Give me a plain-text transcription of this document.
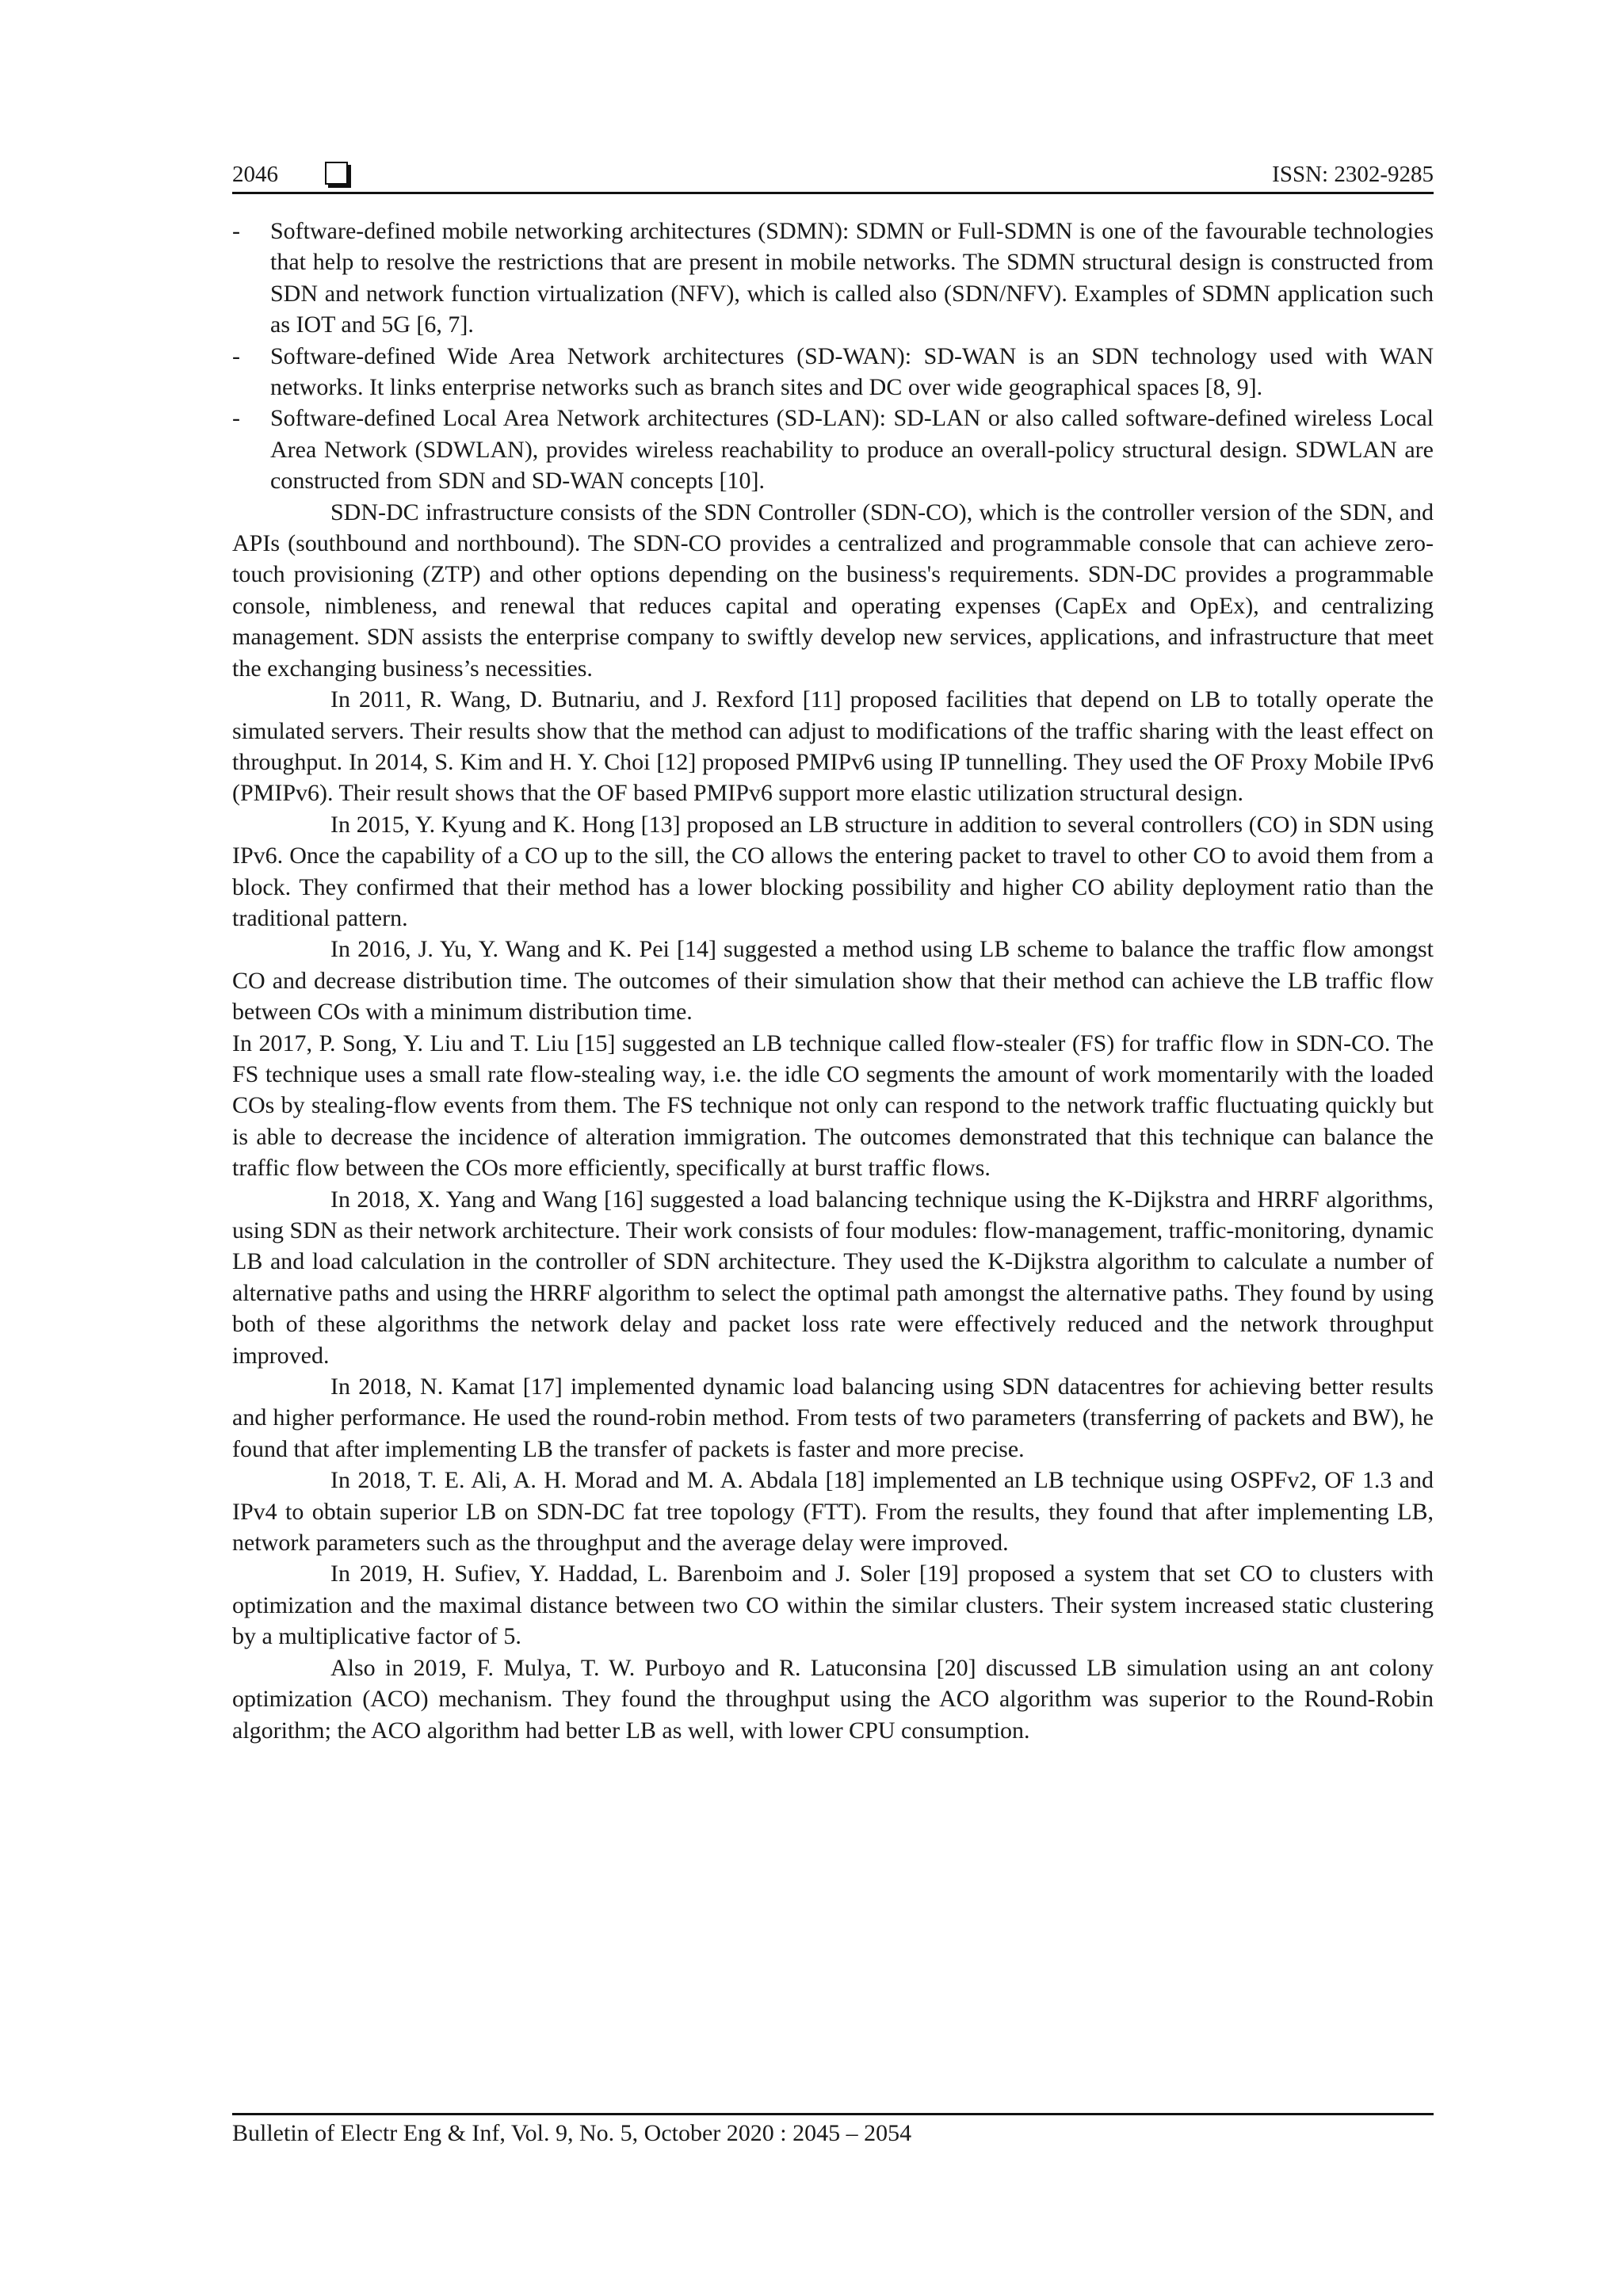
2046	ISSN: 2302-9285

- Software-defined mobile networking architectures (SDMN): SDMN or Full-SDMN is one of the favourable technologies that help to resolve the restrictions that are present in mobile networks. The SDMN structural design is constructed from SDN and network function virtualization (NFV), which is called also (SDN/NFV). Examples of SDMN application such as IOT and 5G [6, 7].

- Software-defined Wide Area Network architectures (SD-WAN): SD-WAN is an SDN technology used with WAN networks. It links enterprise networks such as branch sites and DC over wide geographical spaces [8, 9].

- Software-defined Local Area Network architectures (SD-LAN): SD-LAN or also called software-defined wireless Local Area Network (SDWLAN), provides wireless reachability to produce an overall-policy structural design. SDWLAN are constructed from SDN and SD-WAN concepts [10].

SDN-DC infrastructure consists of the SDN Controller (SDN-CO), which is the controller version of the SDN, and APIs (southbound and northbound). The SDN-CO provides a centralized and programmable console that can achieve zero-touch provisioning (ZTP) and other options depending on the business's requirements. SDN-DC provides a programmable console, nimbleness, and renewal that reduces capital and operating expenses (CapEx and OpEx), and centralizing management. SDN assists the enterprise company to swiftly develop new services, applications, and infrastructure that meet the exchanging business’s necessities.

In 2011, R. Wang, D. Butnariu, and J. Rexford [11] proposed facilities that depend on LB to totally operate the simulated servers. Their results show that the method can adjust to modifications of the traffic sharing with the least effect on throughput. In 2014, S. Kim and H. Y. Choi [12] proposed PMIPv6 using IP tunnelling. They used the OF Proxy Mobile IPv6 (PMIPv6). Their result shows that the OF based PMIPv6 support more elastic utilization structural design.

In 2015, Y. Kyung and K. Hong [13] proposed an LB structure in addition to several controllers (CO) in SDN using IPv6. Once the capability of a CO up to the sill, the CO allows the entering packet to travel to other CO to avoid them from a block. They confirmed that their method has a lower blocking possibility and higher CO ability deployment ratio than the traditional pattern.

In 2016, J. Yu, Y. Wang and K. Pei [14] suggested a method using LB scheme to balance the traffic flow amongst CO and decrease distribution time. The outcomes of their simulation show that their method can achieve the LB traffic flow between COs with a minimum distribution time.

In 2017, P. Song, Y. Liu and T. Liu [15] suggested an LB technique called flow-stealer (FS) for traffic flow in SDN-CO. The FS technique uses a small rate flow-stealing way, i.e. the idle CO segments the amount of work momentarily with the loaded COs by stealing-flow events from them. The FS technique not only can respond to the network traffic fluctuating quickly but is able to decrease the incidence of alteration immigration. The outcomes demonstrated that this technique can balance the traffic flow between the COs more efficiently, specifically at burst traffic flows.

In 2018, X. Yang and Wang [16] suggested a load balancing technique using the K-Dijkstra and HRRF algorithms, using SDN as their network architecture. Their work consists of four modules: flow-management, traffic-monitoring, dynamic LB and load calculation in the controller of SDN architecture. They used the K-Dijkstra algorithm to calculate a number of alternative paths and using the HRRF algorithm to select the optimal path amongst the alternative paths. They found by using both of these algorithms the network delay and packet loss rate were effectively reduced and the network throughput improved.

In 2018, N. Kamat [17] implemented dynamic load balancing using SDN datacentres for achieving better results and higher performance. He used the round-robin method. From tests of two parameters (transferring of packets and BW), he found that after implementing LB the transfer of packets is faster and more precise.

In 2018, T. E. Ali, A. H. Morad and M. A. Abdala [18] implemented an LB technique using OSPFv2, OF 1.3 and IPv4 to obtain superior LB on SDN-DC fat tree topology (FTT). From the results, they found that after implementing LB, network parameters such as the throughput and the average delay were improved.

In 2019, H. Sufiev, Y. Haddad, L. Barenboim and J. Soler [19] proposed a system that set CO to clusters with optimization and the maximal distance between two CO within the similar clusters. Their system increased static clustering by a multiplicative factor of 5.

Also in 2019, F. Mulya, T. W. Purboyo and R. Latuconsina [20] discussed LB simulation using an ant colony optimization (ACO) mechanism. They found the throughput using the ACO algorithm was superior to the Round-Robin algorithm; the ACO algorithm had better LB as well, with lower CPU consumption.

Bulletin of Electr Eng & Inf, Vol. 9, No. 5, October 2020 : 2045 – 2054
